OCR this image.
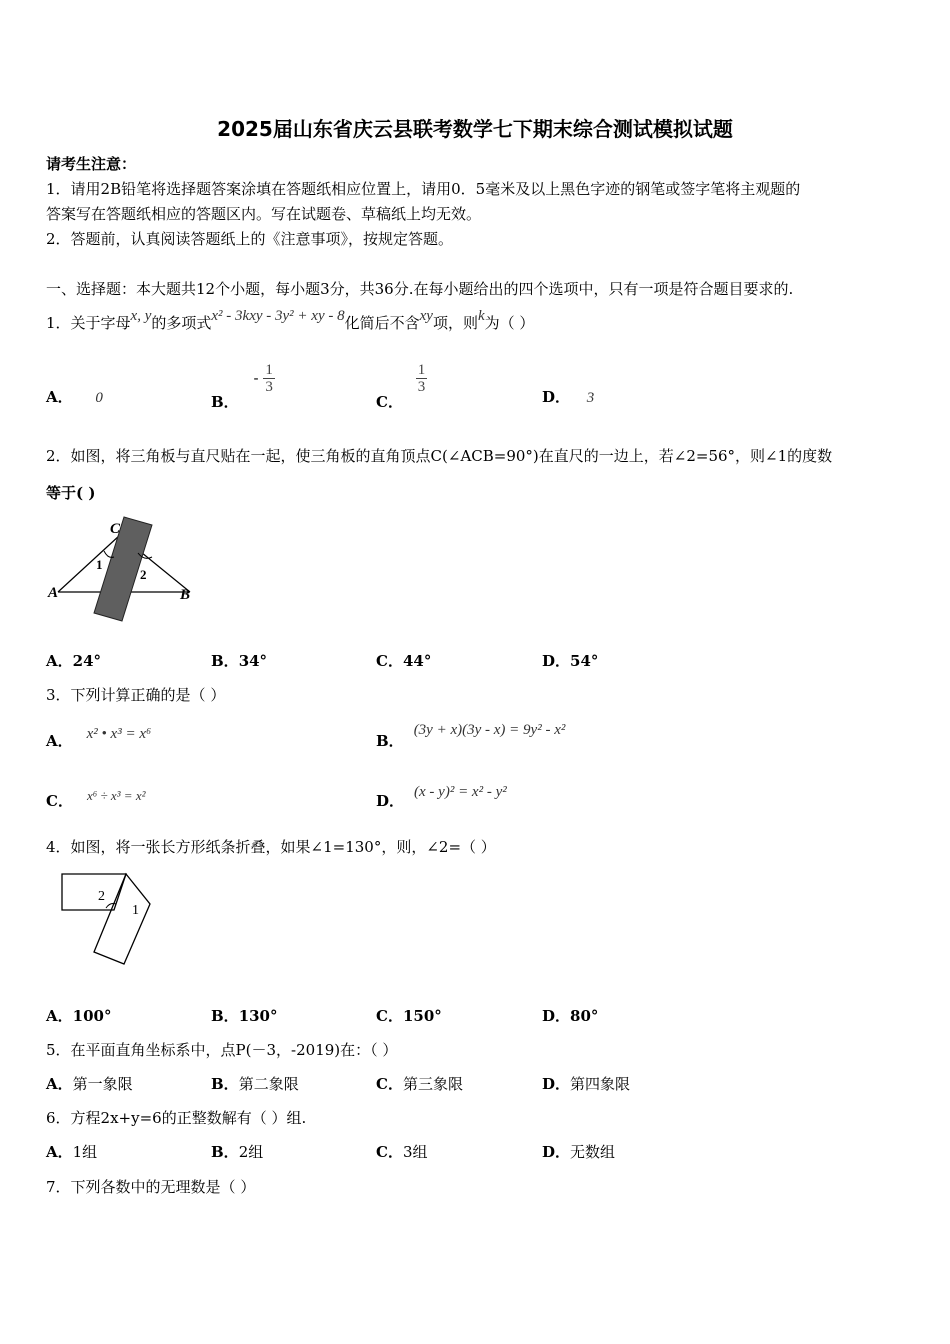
2025届山东省庆云县联考数学七下期末综合测试模拟试题
请考生注意：
1．请用2B铅笔将选择题答案涂填在答题纸相应位置上，请用0．5毫米及以上黑色字迹的钢笔或签字笔将主观题的
答案写在答题纸相应的答题区内。写在试题卷、草稿纸上均无效。
2．答题前，认真阅读答题纸上的《注意事项》，按规定答题。
一、选择题：本大题共12个小题，每小题3分，共36分.在每小题给出的四个选项中，只有一项是符合题目要求的.
1．关于字母x, y的多项式x² - 3kxy - 3y² + xy - 8化简后不含xy项，则k为（ ）
A． 0	B． - $\frac{1}{3}$
C．
$\frac{1}{3}$
D． 3
2．如图，将三角板与直尺贴在一起，使三角板的直角顶点C(∠ACB=90°)在直尺的一边上，若∠2=56°，则∠1的度数
等于( )
C
A	B
1
2
A．24°	B．34°	C．44°	D．54°
3．下列计算正确的是（ ）
A． x² • x³ = x⁶	B．(3y + x)(3y - x) = 9y² - x²
C． x⁶ ÷ x³ = x²	D． (x - y)² = x² - y²
4．如图，将一张长方形纸条折叠，如果∠1=130°，则，∠2=（ ）
2
1
A．100°	B．130°	C．150°	D．80°
5．在平面直角坐标系中，点P(－3，-2019)在：（ ）
A．第一象限	B．第二象限	C．第三象限	D．第四象限
6．方程2x+y=6的正整数解有（ ）组.
A．1组	B．2组	C．3组	D．无数组
7．下列各数中的无理数是（ ）
